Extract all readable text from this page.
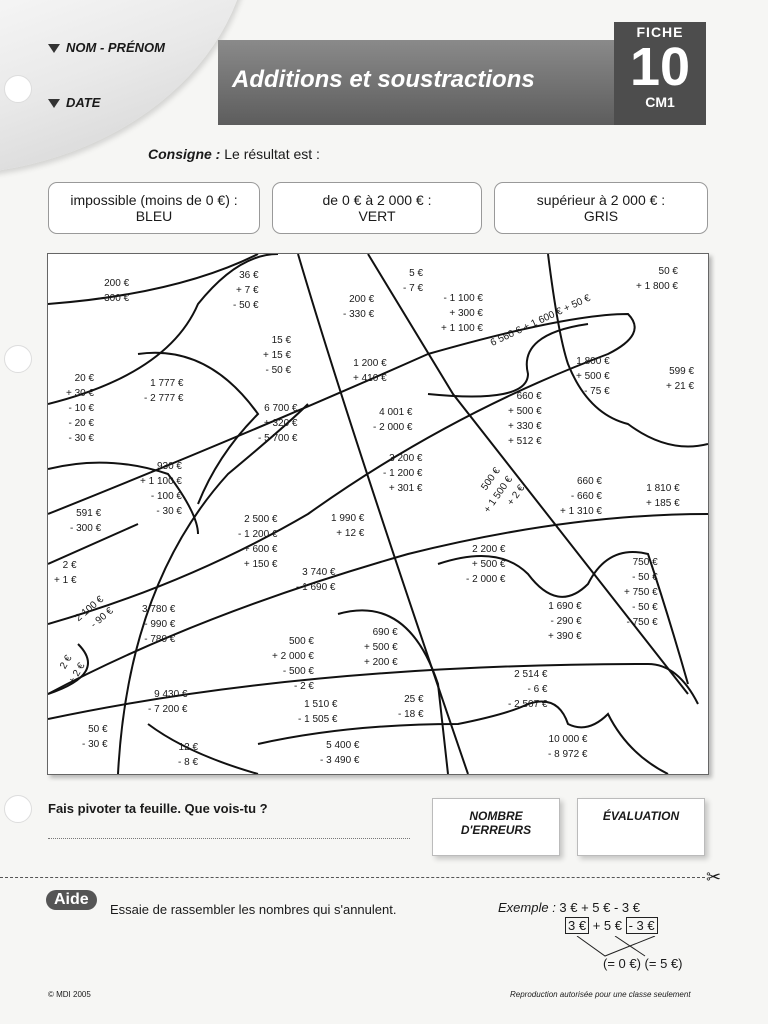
NOM - PRÉNOM
DATE
Additions et soustractions
FICHE
10
CM1
Consigne : Le résultat est :
impossible (moins de 0 €) :
BLEU
de 0 € à 2 000 € :
VERT
supérieur à 2 000 € :
GRIS
200 €
- 300 €
36 €
+ 7 €
- 50 €
200 €
- 330 €
5 €
- 7 €
- 1 100 €
+ 300 €
+ 1 100 €
50 €
+ 1 800 €
15 €
+ 15 €
- 50 €
1 200 €
+ 410 €
6 560 € + 1 600 € + 50 €
1 800 €
+ 500 €
- 75 €
599 €
+ 21 €
20 €
+ 30 €
- 10 €
- 20 €
- 30 €
1 777 €
- 2 777 €
6 700 €
+ 320 €
- 5 700 €
4 001 €
- 2 000 €
660 €
+ 500 €
+ 330 €
+ 512 €
930 €
+ 1 100 €
- 100 €
- 30 €
3 200 €
- 1 200 €
+ 301 €	500 €
+ 1 500 €
+ 2 €
660 €
- 660 €
+ 1 310 €
1 810 €
+ 185 €
591 €
- 300 €
2 500 €
- 1 200 €
+ 600 €
+ 150 €
1 990 €
+ 12 €
2 200 €
+ 500 €
- 2 000 €
750 €
- 50 €
+ 750 €
- 50 €
- 750 €
2 €
+ 1 €
3 740 €
- 1 690 €
2 100 €
- 90 €	3 780 €
- 990 €
- 780 €
1 690 €
- 290 €
+ 390 €
2 €
+ 2 €
500 €
+ 2 000 €
- 500 €
- 2 €
690 €
+ 500 €
+ 200 €
9 430 €
- 7 200 €
2 514 €
- 6 €
- 2 507 €
1 510 €
- 1 505 €
25 €
- 18 €
50 €
- 30 €	12 €
- 8 €
5 400 €
- 3 490 €
10 000 €
- 8 972 €
Fais pivoter ta feuille. Que vois-tu ?	NOMBRE D'ERREURS
ÉVALUATION
✂
Aide
Essaie de rassembler les nombres qui s'annulent.	Exemple : 3 € + 5 € - 3 €
3 € + 5 € - 3 €
(= 0 €) (= 5 €)
© MDI 2005	Reproduction autorisée pour une classe seulement
